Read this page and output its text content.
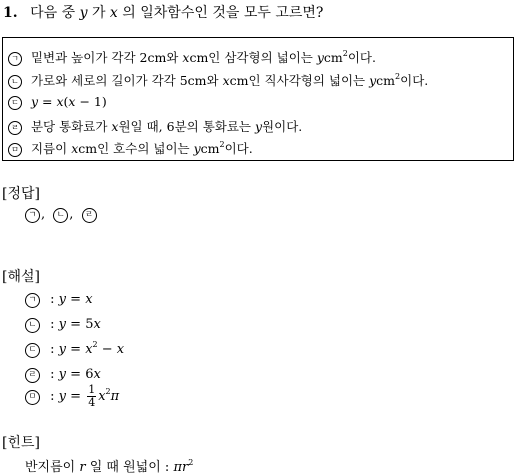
1. 다음 중 y 가 x 의 일차함수인 것을 모두 고르면?
ㄱ 밑변과 높이가 각각 2cm와 xcm인 삼각형의 넓이는 ycm$^2$이다.
ㄴ 가로와 세로의 길이가 각각 5cm와 xcm인 직사각형의 넓이는 ycm$^2$이다.
ㄷ y = x(x − 1)
ㄹ 분당 통화료가 x원일 때, 6분의 통화료는 y원이다.
ㅁ 지름이 xcm인 호수의 넓이는 ycm$^2$이다.
[정답]
ㄱ , ㄴ , ㄹ
[해설]
ㄱ : y = x
ㄴ : y = 5x
ㄷ : $y = x^2 - x$
ㄹ : y = 6x
ㅁ : $y = \frac{1}{4} x^2\pi$
[힌트]
반지름이 r 일 때 원넓이 : $\pi r^2$
